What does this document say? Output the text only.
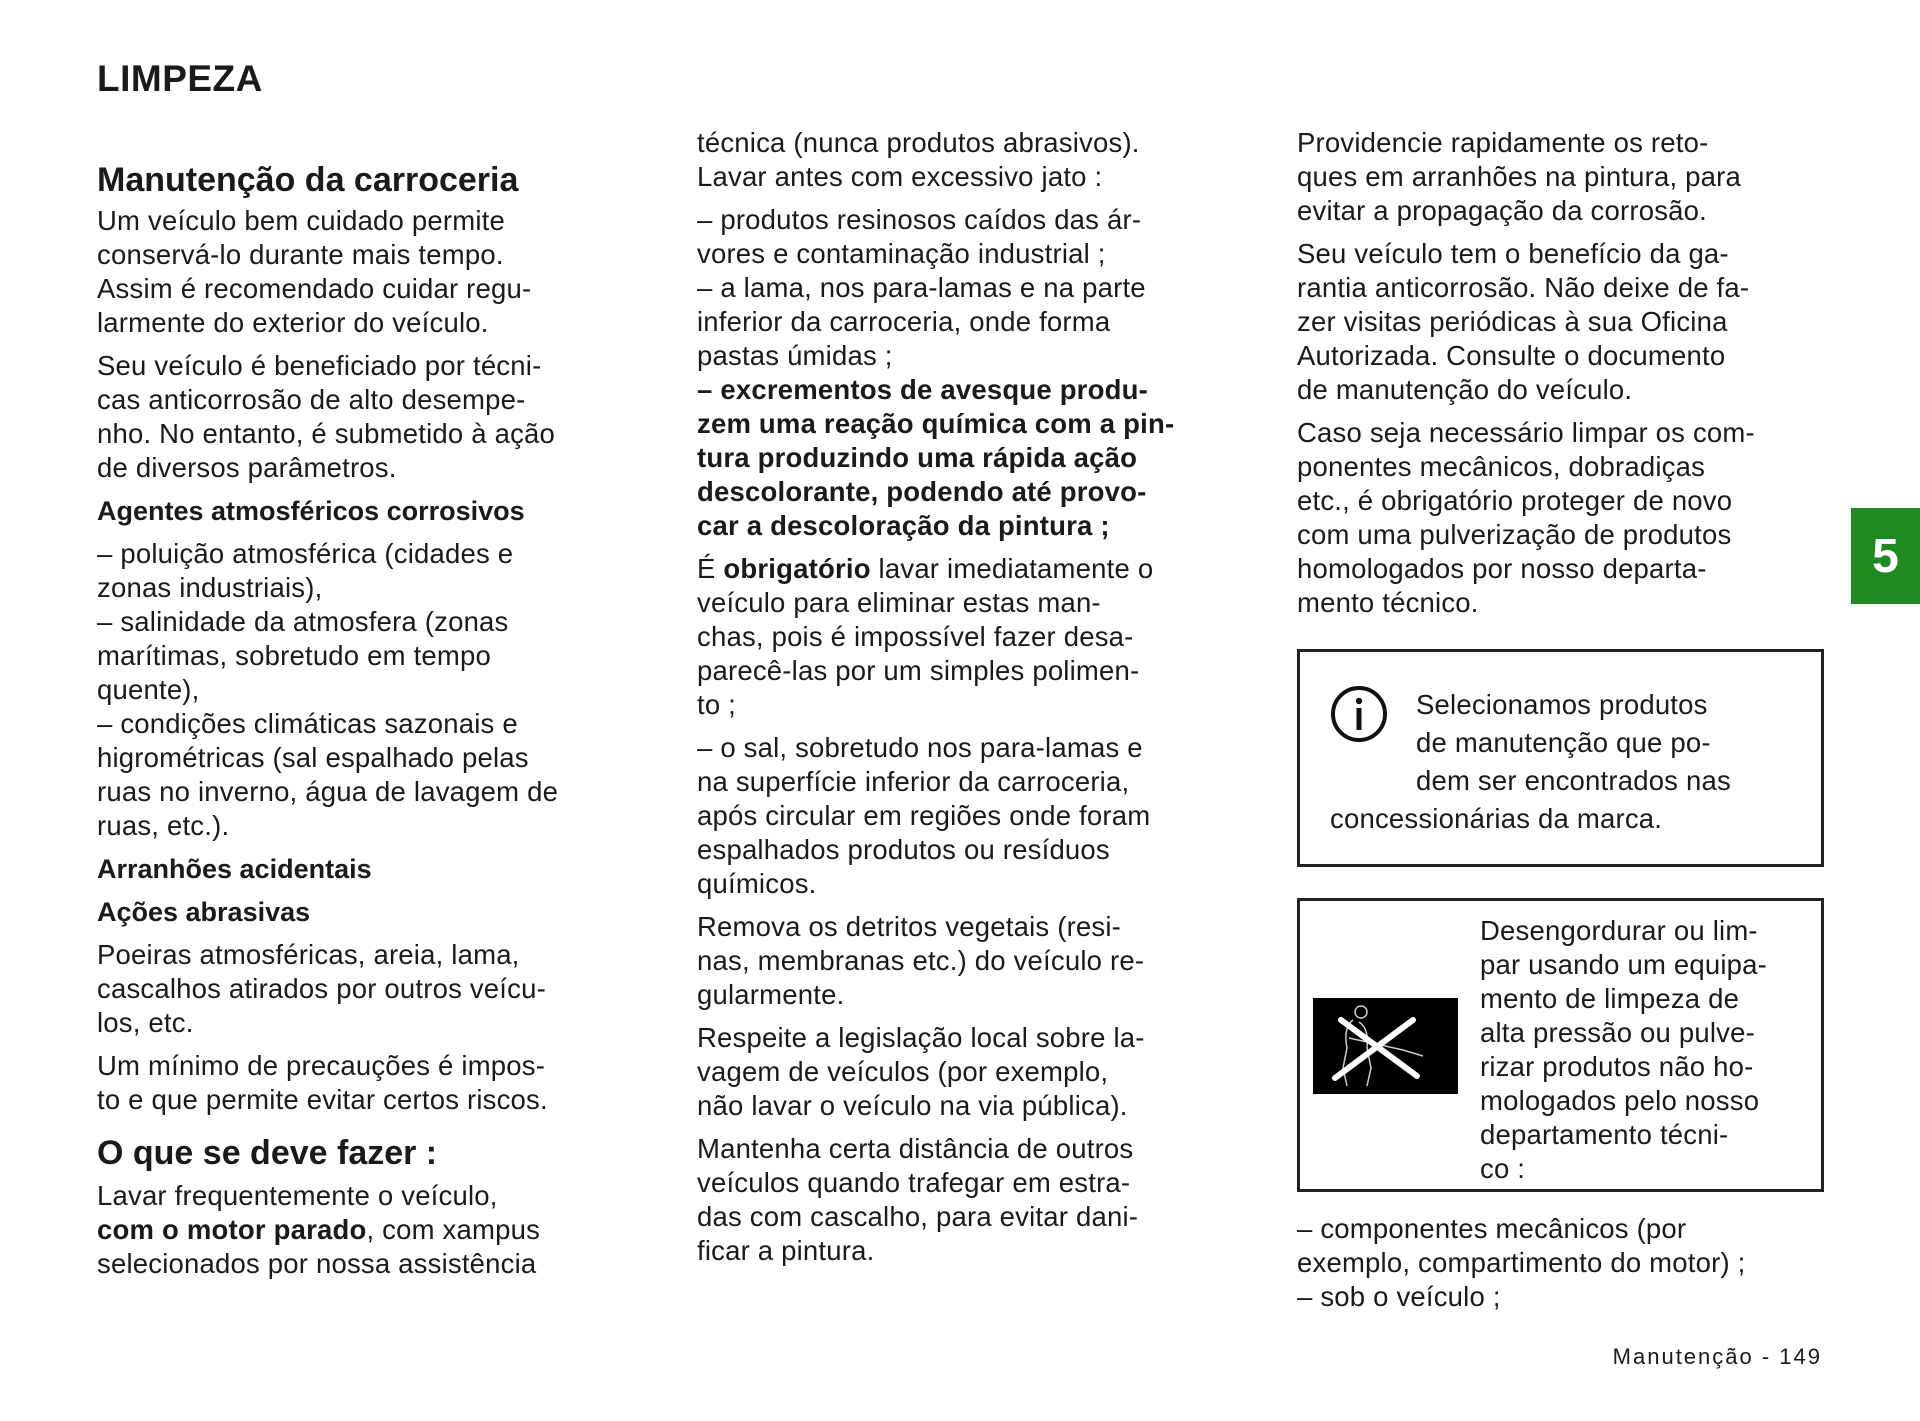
LIMPEZA
Manutenção da carroceria
Um veículo bem cuidado permite
conservá-lo durante mais tempo.
Assim é recomendado cuidar regu-
larmente do exterior do veículo.
Seu veículo é beneficiado por técni-
cas anticorrosão de alto desempe-
nho. No entanto, é submetido à ação
de diversos parâmetros.
Agentes atmosféricos corrosivos
– poluição atmosférica (cidades e
zonas industriais),
– salinidade da atmosfera (zonas
marítimas, sobretudo em tempo
quente),
– condições climáticas sazonais e
higrométricas (sal espalhado pelas
ruas no inverno, água de lavagem de
ruas, etc.).
Arranhões acidentais
Ações abrasivas
Poeiras atmosféricas, areia, lama,
cascalhos atirados por outros veícu-
los, etc.
Um mínimo de precauções é impos-
to e que permite evitar certos riscos.
O que se deve fazer :
Lavar frequentemente o veículo,
com o motor parado, com xampus
selecionados por nossa assistência
técnica (nunca produtos abrasivos).
Lavar antes com excessivo jato :
– produtos resinosos caídos das ár-
vores e contaminação industrial ;
– a lama, nos para-lamas e na parte
inferior da carroceria, onde forma
pastas úmidas ;
– excrementos de avesque produ-
zem uma reação química com a pin-
tura produzindo uma rápida ação
descolorante, podendo até provo-
car a descoloração da pintura ;
É obrigatório lavar imediatamente o
veículo para eliminar estas man-
chas, pois é impossível fazer desa-
parecê-las por um simples polimen-
to ;
– o sal, sobretudo nos para-lamas e
na superfície inferior da carroceria,
após circular em regiões onde foram
espalhados produtos ou resíduos
químicos.
Remova os detritos vegetais (resi-
nas, membranas etc.) do veículo re-
gularmente.
Respeite a legislação local sobre la-
vagem de veículos (por exemplo,
não lavar o veículo na via pública).
Mantenha certa distância de outros
veículos quando trafegar em estra-
das com cascalho, para evitar dani-
ficar a pintura.
Providencie rapidamente os reto-
ques em arranhões na pintura, para
evitar a propagação da corrosão.
Seu veículo tem o benefício da ga-
rantia anticorrosão. Não deixe de fa-
zer visitas periódicas à sua Oficina
Autorizada. Consulte o documento
de manutenção do veículo.
Caso seja necessário limpar os com-
ponentes mecânicos, dobradiças
etc., é obrigatório proteger de novo
com uma pulverização de produtos
homologados por nosso departa-
mento técnico.
Selecionamos produtos
de manutenção que po-
dem ser encontrados nas
concessionárias da marca.
Desengordurar ou lim-
par usando um equipa-
mento de limpeza de
alta pressão ou pulve-
rizar produtos não ho-
mologados pelo nosso
departamento técni-
co :
– componentes mecânicos (por
exemplo, compartimento do motor) ;
– sob o veículo ;
5
Manutenção - 149
